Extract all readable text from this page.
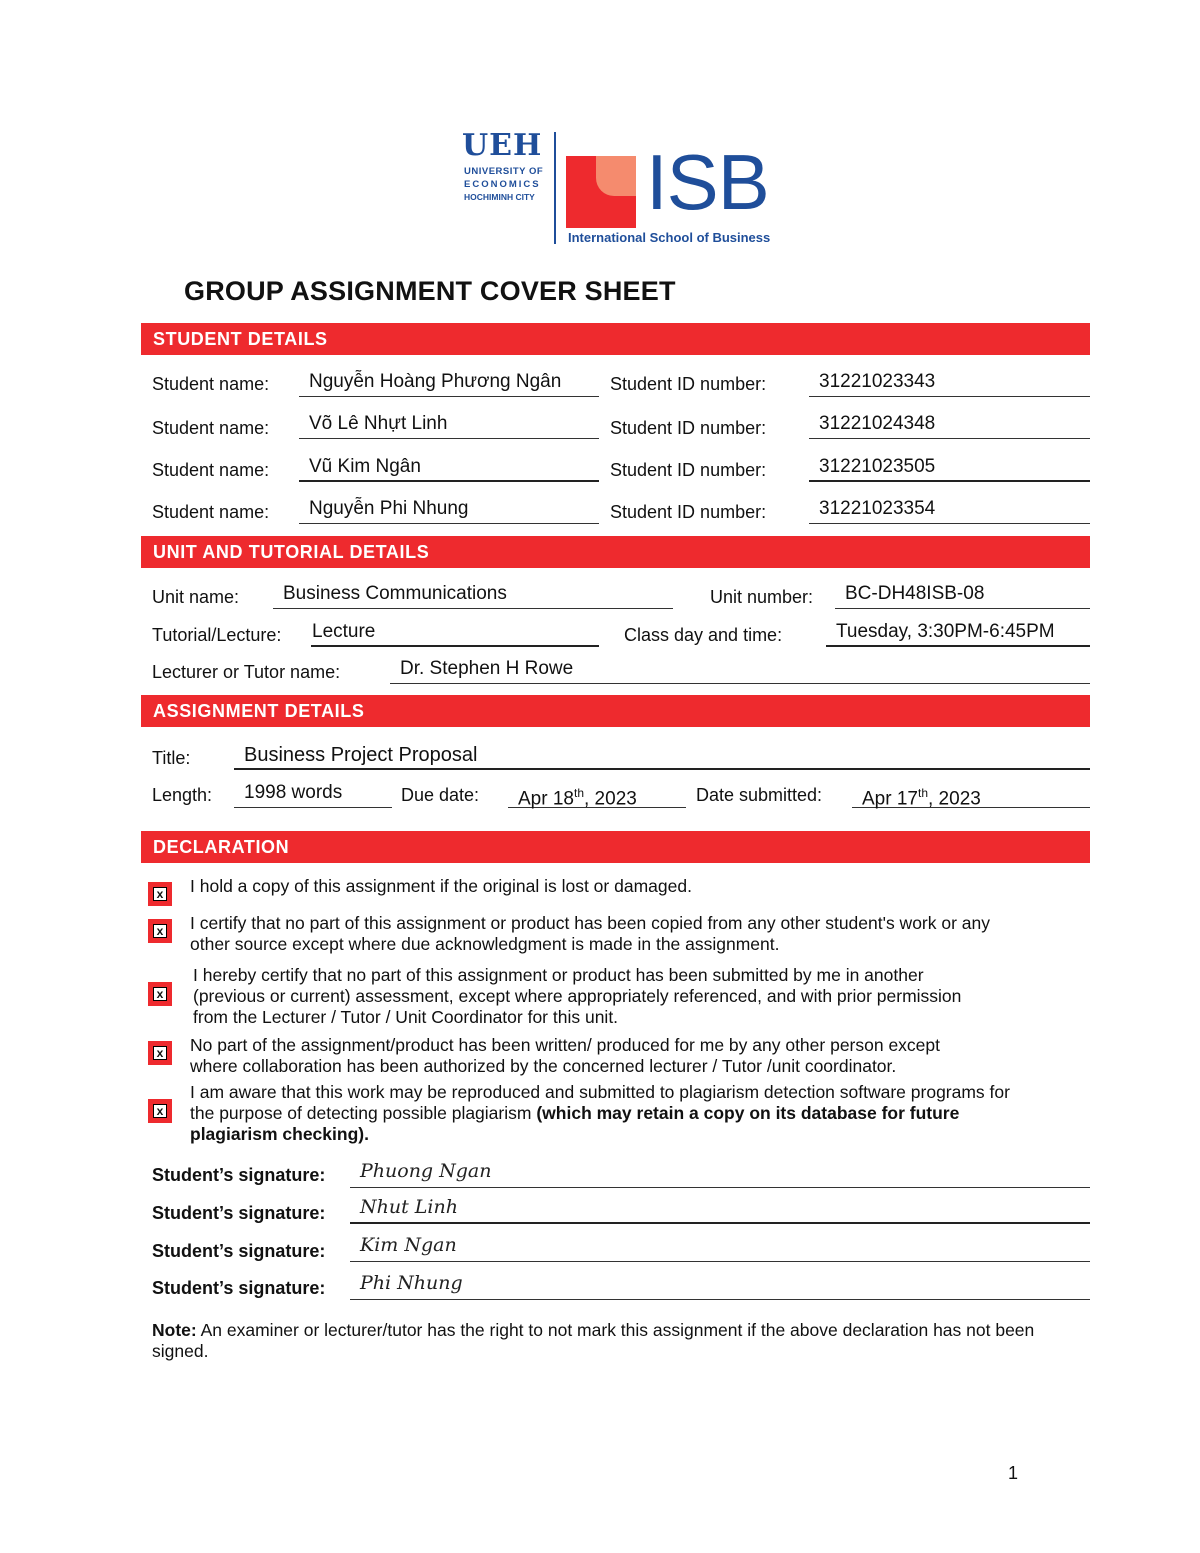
UEH
UNIVERSITY OF
ECONOMICS
HOCHIMINH CITY ISB
International School of Business
GROUP ASSIGNMENT COVER SHEET
STUDENT DETAILS
Student name:	Nguyễn Hoàng Phương Ngân	Student ID number:	31221023343
Student name:	Võ Lê Nhựt Linh	Student ID number:	31221024348
Student name:	Vũ Kim Ngân	Student ID number:	31221023505
Student name:	Nguyễn Phi Nhung	Student ID number:	31221023354
UNIT AND TUTORIAL DETAILS
Unit name:	Business Communications	Unit number:	BC-DH48ISB-08
Tutorial/Lecture: Lecture	Class day and time:	Tuesday, 3:30PM-6:45PM
Lecturer or Tutor name:	Dr. Stephen H Rowe
ASSIGNMENT DETAILS
Title:	Business Project Proposal
Length:	1998 words	Due date:	Apr 18th, 2023	Date submitted:	Apr 17th, 2023
DECLARATION
x I hold a copy of this assignment if the original is lost or damaged.
x I certify that no part of this assignment or product has been copied from any other student's work or any
other source except where due acknowledgment is made in the assignment.
x
I hereby certify that no part of this assignment or product has been submitted by me in another
(previous or current) assessment, except where appropriately referenced, and with prior permission
from the Lecturer / Tutor / Unit Coordinator for this unit.
x No part of the assignment/product has been written/ produced for me by any other person except
where collaboration has been authorized by the concerned lecturer / Tutor /unit coordinator.
x
I am aware that this work may be reproduced and submitted to plagiarism detection software programs for
the purpose of detecting possible plagiarism (which may retain a copy on its database for future
plagiarism checking).
Student’s signature:	Phuong Ngan
Student’s signature:	Nhut Linh
Student’s signature:	Kim Ngan
Student’s signature:	Phi Nhung
Note: An examiner or lecturer/tutor has the right to not mark this assignment if the above declaration has not been signed.
1
